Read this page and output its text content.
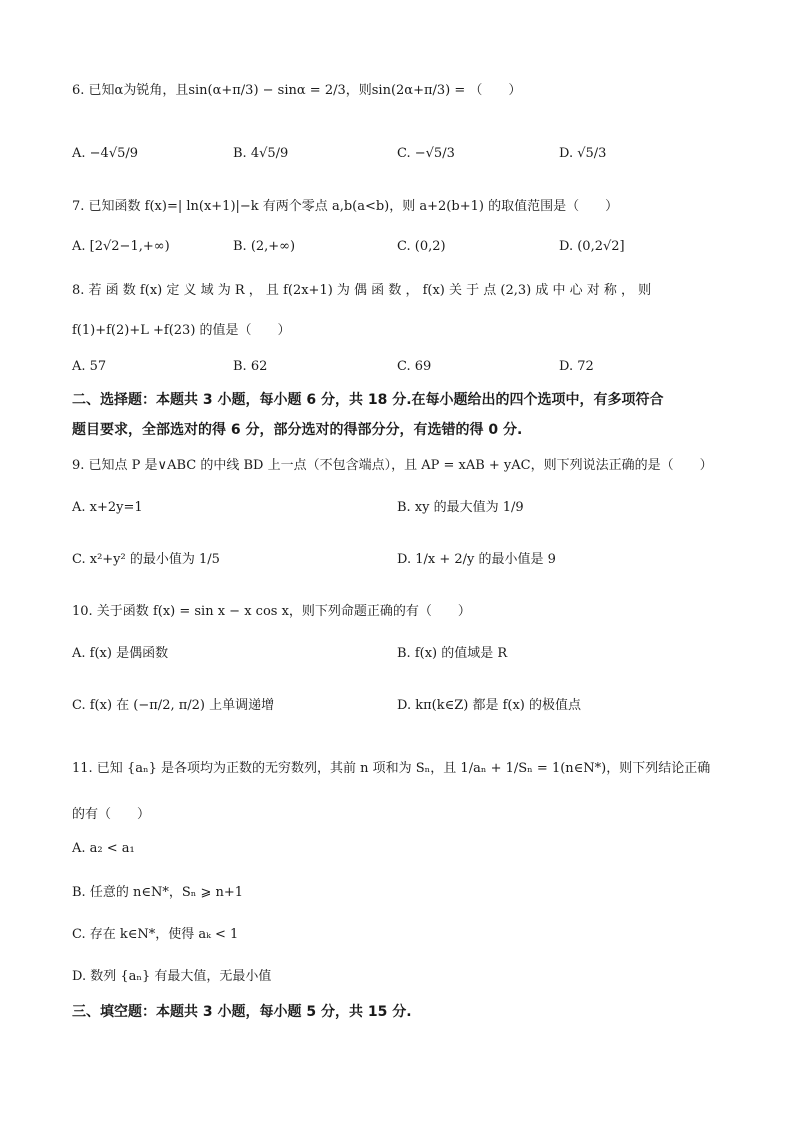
6. 已知α为锐角，且sin(α+π/3) − sinα = 2/3，则sin(2α+π/3) = （　　）
A. −4√5/9	B. 4√5/9	C. −√5/3	D. √5/3
7. 已知函数 f(x)=| ln(x+1)|−k 有两个零点 a,b(a<b)，则 a+2(b+1) 的取值范围是（　　）
A. [2√2−1,+∞)	B. (2,+∞)	C. (0,2)	D. (0,2√2]
8. 若 函 数 f(x) 定 义 域 为 R ， 且 f(2x+1) 为 偶 函 数 ， f(x) 关 于 点 (2,3) 成 中 心 对 称 ， 则
f(1)+f(2)+L +f(23) 的值是（　　）
A. 57	B. 62	C. 69	D. 72
二、选择题：本题共 3 小题，每小题 6 分，共 18 分.在每小题给出的四个选项中，有多项符合
题目要求，全部选对的得 6 分，部分选对的得部分分，有选错的得 0 分.
9. 已知点 P 是∨ABC 的中线 BD 上一点（不包含端点），且 AP = xAB + yAC，则下列说法正确的是（　　）
A. x+2y=1	B. xy 的最大值为 1/9
C. x²+y² 的最小值为 1/5	D. 1/x + 2/y 的最小值是 9
10. 关于函数 f(x) = sin x − x cos x，则下列命题正确的有（　　）
A. f(x) 是偶函数	B. f(x) 的值域是 R
C. f(x) 在 (−π/2, π/2) 上单调递增	D. kπ(k∈Z) 都是 f(x) 的极值点
11. 已知 {aₙ} 是各项均为正数的无穷数列，其前 n 项和为 Sₙ，且 1/aₙ + 1/Sₙ = 1(n∈N*)，则下列结论正确
的有（　　）
A. a₂ < a₁
B. 任意的 n∈N*，Sₙ ⩾ n+1
C. 存在 k∈N*，使得 aₖ < 1
D. 数列 {aₙ} 有最大值，无最小值
三、填空题：本题共 3 小题，每小题 5 分，共 15 分.
